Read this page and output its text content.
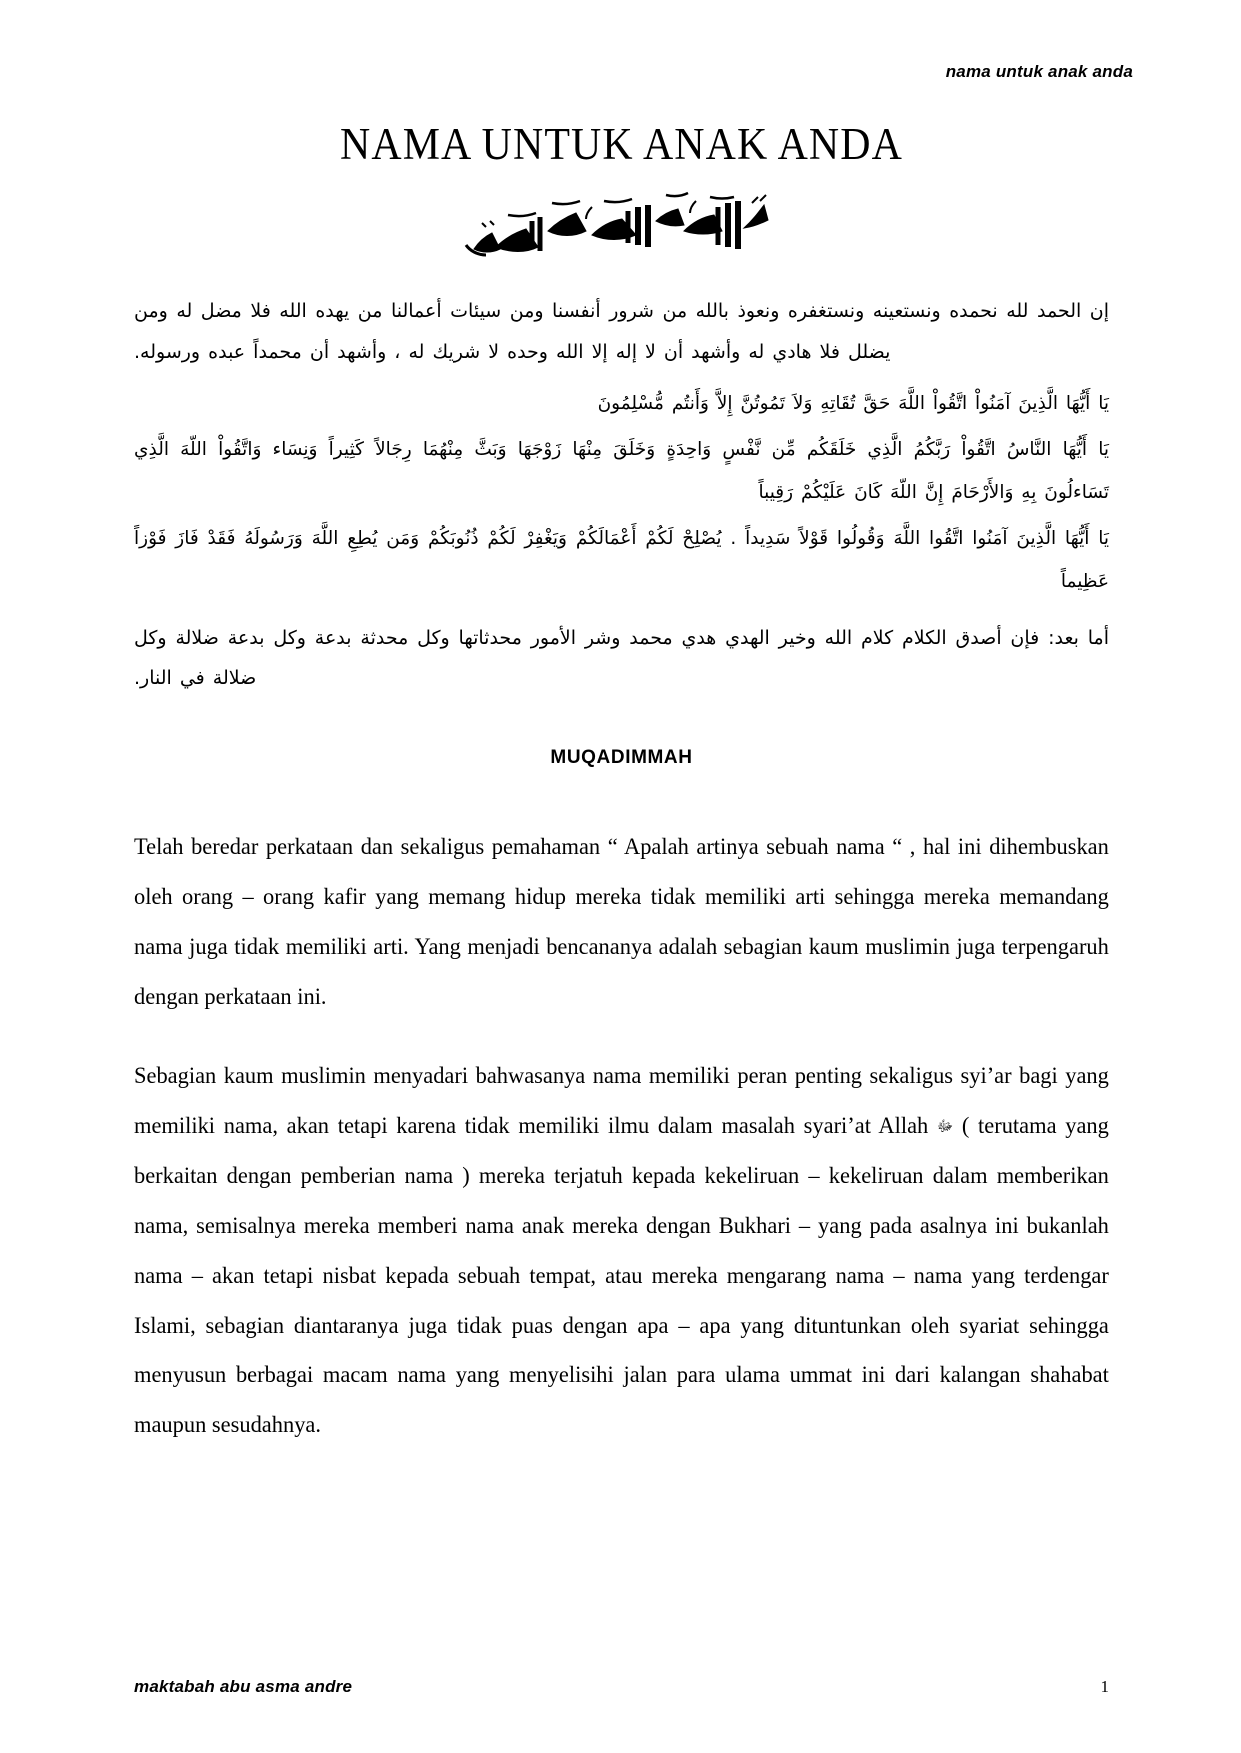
nama untuk anak anda
NAMA UNTUK ANAK ANDA

إن الحمد لله نحمده ونستعينه ونستغفره ونعوذ بالله من شرور أنفسنا ومن سيئات أعمالنا من يهده الله فلا مضل له ومن يضلل فلا هادي له وأشهد أن لا إله إلا الله وحده لا شريك له ، وأشهد أن محمداً عبده ورسوله.

يَا أَيُّهَا الَّذِينَ آمَنُواْ اتَّقُواْ اللَّهَ حَقَّ تُقَاتِهِ وَلاَ تَمُوتُنَّ إِلاَّ وَأَنتُم مُّسْلِمُونَ

يَا أَيُّهَا النَّاسُ اتَّقُواْ رَبَّكُمُ الَّذِي خَلَقَكُم مِّن نَّفْسٍ وَاحِدَةٍ وَخَلَقَ مِنْهَا زَوْجَهَا وَبَثَّ مِنْهُمَا رِجَالاً كَثِيراً وَنِسَاء وَاتَّقُواْ اللّهَ الَّذِي تَسَاءلُونَ بِهِ وَالأَرْحَامَ إِنَّ اللّهَ كَانَ عَلَيْكُمْ رَقِيباً

يَا أَيُّهَا الَّذِينَ آمَنُوا اتَّقُوا اللَّهَ وَقُولُوا قَوْلاً سَدِيداً . يُصْلِحْ لَكُمْ أَعْمَالَكُمْ وَيَغْفِرْ لَكُمْ ذُنُوبَكُمْ وَمَن يُطِعِ اللَّهَ وَرَسُولَهُ فَقَدْ فَازَ فَوْزاً عَظِيماً

أما بعد: فإن أصدق الكلام كلام الله وخير الهدي هدي محمد وشر الأمور محدثاتها وكل محدثة بدعة وكل بدعة ضلالة وكل ضلالة في النار.

MUQADIMMAH

Telah beredar perkataan dan sekaligus pemahaman “ Apalah artinya sebuah nama “ , hal ini dihembuskan oleh orang – orang kafir yang memang hidup mereka tidak memiliki arti sehingga mereka memandang nama juga tidak memiliki arti. Yang menjadi bencananya adalah sebagian kaum muslimin juga terpengaruh dengan perkataan ini.

Sebagian kaum muslimin menyadari bahwasanya nama memiliki peran penting sekaligus syi’ar bagi yang memiliki nama, akan tetapi karena tidak memiliki ilmu dalam masalah syari’at Allah ﷻ ( terutama yang berkaitan dengan pemberian nama ) mereka terjatuh kepada kekeliruan – kekeliruan dalam memberikan nama, semisalnya mereka memberi nama anak mereka dengan Bukhari – yang pada asalnya ini bukanlah nama – akan tetapi nisbat kepada sebuah tempat, atau mereka mengarang nama – nama yang terdengar Islami, sebagian diantaranya juga tidak puas dengan apa – apa yang dituntunkan oleh syariat sehingga menyusun berbagai macam nama yang menyelisihi jalan para ulama ummat ini dari kalangan shahabat maupun sesudahnya.

maktabah abu asma andre	1
